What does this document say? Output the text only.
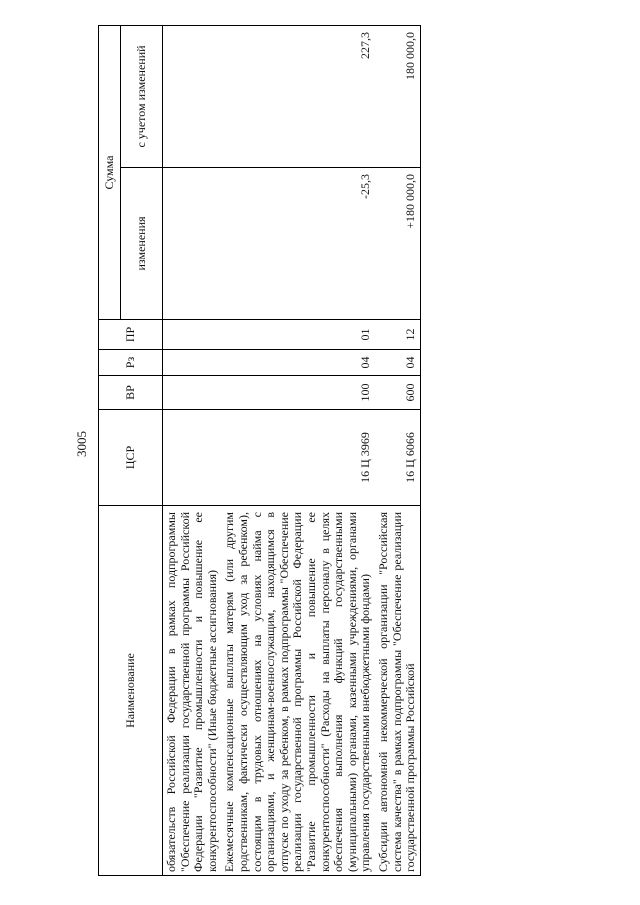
3005
Наименование	ЦСР	ВР	Рз	ПР	Сумма	
					изменения	с учетом изменений
обязательств Российской Федерации в рамках подпрограммы "Обеспечение реализации государственной программы Российской Федерации "Развитие промышленности и повышение ее конкурентоспособности" (Иные бюджетные ассигнования)						
Ежемесячные компенсационные выплаты матерям (или другим родственникам, фактически осуществляющим уход за ребенком), состоящим в трудовых отношениях на условиях найма с организациями, и женщинам-военнослужащим, находящимся в отпуске по уходу за ребенком, в рамках подпрограммы "Обеспечение реализации государственной программы Российской Федерации "Развитие промышленности и повышение ее конкурентоспособности" (Расходы на выплаты персоналу в целях обеспечения выполнения функций государственными (муниципальными) органами, казенными учреждениями, органами управления государственными внебюджетными фондами)	16 Ц 3969	100	04	01	-25,3	227,3
Субсидии автономной некоммерческой организации "Российская система качества" в рамках подпрограммы "Обеспечение реализации государственной программы Российской	16 Ц 6066	600	04	12	+180 000,0	180 000,0
